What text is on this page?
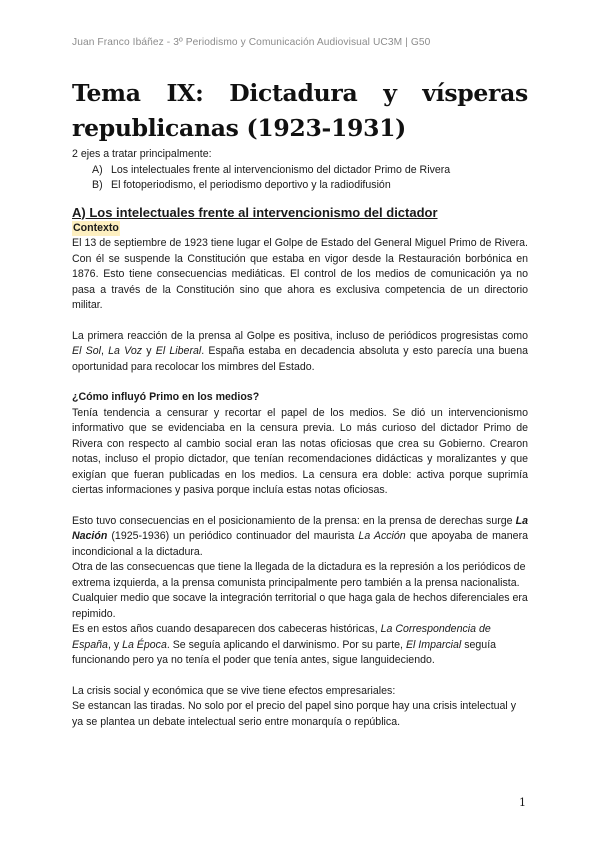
Juan Franco Ibáñez - 3º Periodismo y Comunicación Audiovisual UC3M | G50
Tema IX: Dictadura y vísperas
republicanas (1923-1931)

2 ejes a tratar principalmente:

A) Los intelectuales frente al intervencionismo del dictador Primo de Rivera
B) El fotoperiodismo, el periodismo deportivo y la radiodifusión
A) Los intelectuales frente al intervencionismo del dictador
Contexto

El 13 de septiembre de 1923 tiene lugar el Golpe de Estado del General Miguel Primo de Rivera. Con él se suspende la Constitución que estaba en vigor desde la Restauración borbónica en 1876. Esto tiene consecuencias mediáticas. El control de los medios de comunicación ya no pasa a través de la Constitución sino que ahora es exclusiva competencia de un directorio militar.

La primera reacción de la prensa al Golpe es positiva, incluso de periódicos progresistas como El Sol, La Voz y El Liberal. España estaba en decadencia absoluta y esto parecía una buena oportunidad para recolocar los mimbres del Estado.

¿Cómo influyó Primo en los medios?

Tenía tendencia a censurar y recortar el papel de los medios. Se dió un intervencionismo informativo que se evidenciaba en la censura previa. Lo más curioso del dictador Primo de Rivera con respecto al cambio social eran las notas oficiosas que crea su Gobierno. Crearon notas, incluso el propio dictador, que tenían recomendaciones didácticas y moralizantes y que exigían que fueran publicadas en los medios. La censura era doble: activa porque suprimía ciertas informaciones y pasiva porque incluía estas notas oficiosas.

Esto tuvo consecuencias en el posicionamiento de la prensa: en la prensa de derechas surge La Nación (1925-1936) un periódico continuador del maurista La Acción que apoyaba de manera incondicional a la dictadura.

Otra de las consecuencas que tiene la llegada de la dictadura es la represión a los periódicos de extrema izquierda, a la prensa comunista principalmente pero también a la prensa nacionalista. Cualquier medio que socave la integración territorial o que haga gala de hechos diferenciales era repimido.

Es en estos años cuando desaparecen dos cabeceras históricas, La Correspondencia de España, y La Época. Se seguía aplicando el darwinismo. Por su parte, El Imparcial seguía funcionando pero ya no tenía el poder que tenía antes, sigue languideciendo.

La crisis social y económica que se vive tiene efectos empresariales:

Se estancan las tiradas. No solo por el precio del papel sino porque hay una crisis intelectual y ya se plantea un debate intelectual serio entre monarquía o república.

1
